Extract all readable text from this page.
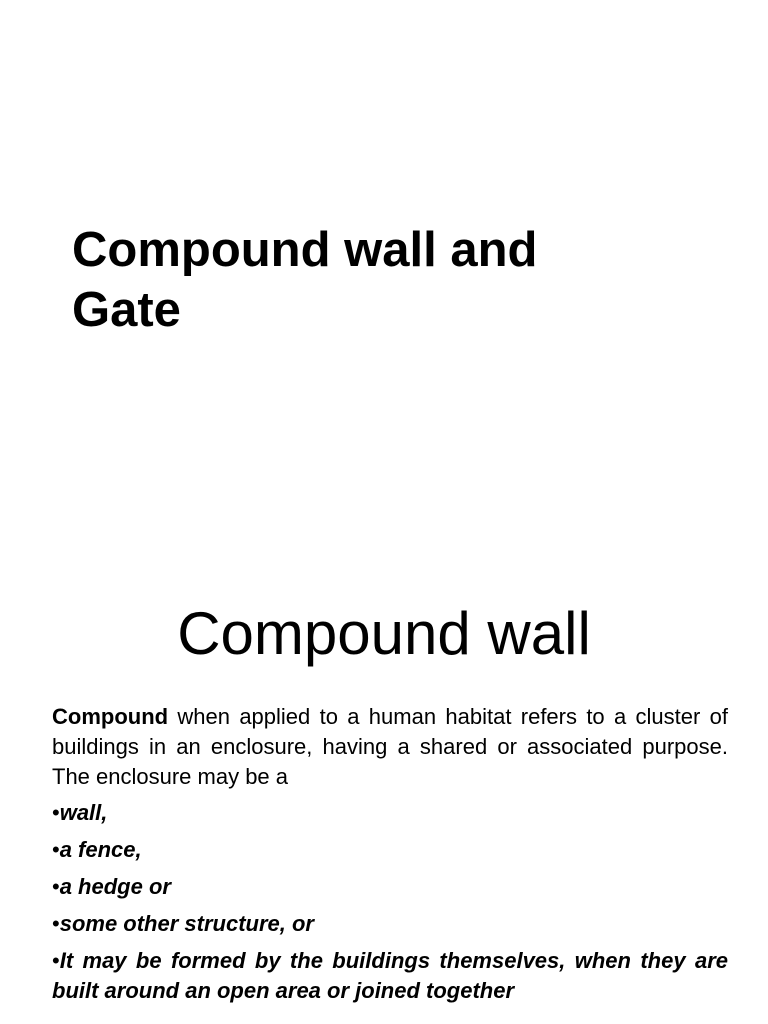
Compound wall and
Gate
Compound wall

Compound when applied to a human habitat refers to a cluster of buildings in an enclosure, having a shared or associated purpose. The enclosure may be a

•wall,
•a fence,
•a hedge or
•some other structure, or
•It may be formed by the buildings themselves, when they are built around an open area or joined together
